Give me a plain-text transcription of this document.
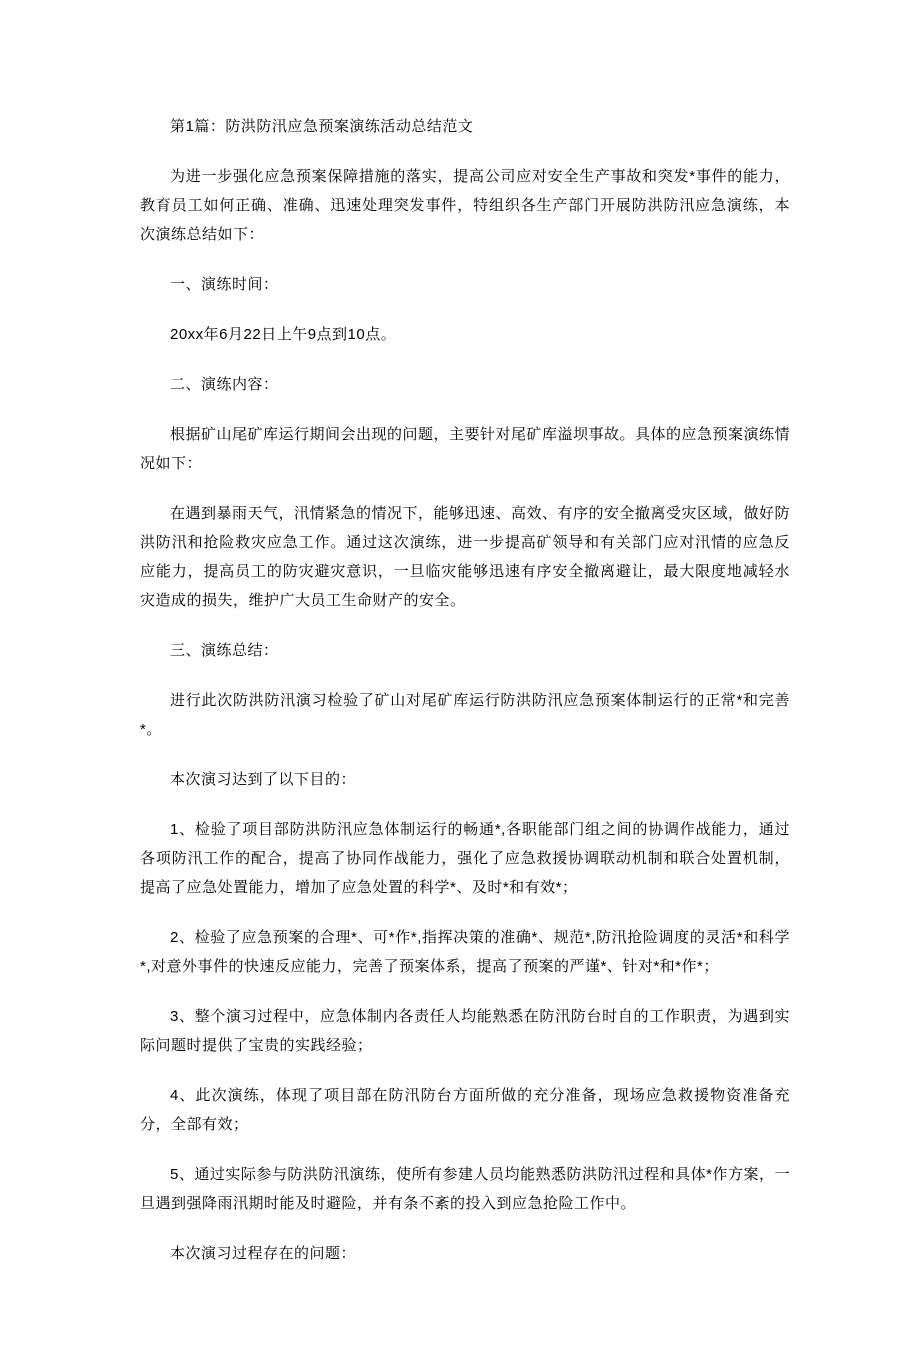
第1篇：防洪防汛应急预案演练活动总结范文

为进一步强化应急预案保障措施的落实，提高公司应对安全生产事故和突发*事件的能力，教育员工如何正确、准确、迅速处理突发事件，特组织各生产部门开展防洪防汛应急演练，本次演练总结如下：

一、演练时间：

20xx年6月22日上午9点到10点。

二、演练内容：

根据矿山尾矿库运行期间会出现的问题，主要针对尾矿库溢坝事故。具体的应急预案演练情况如下：

在遇到暴雨天气，汛情紧急的情况下，能够迅速、高效、有序的安全撤离受灾区域，做好防洪防汛和抢险救灾应急工作。通过这次演练，进一步提高矿领导和有关部门应对汛情的应急反应能力，提高员工的防灾避灾意识，一旦临灾能够迅速有序安全撤离避让，最大限度地减轻水灾造成的损失，维护广大员工生命财产的安全。

三、演练总结：

进行此次防洪防汛演习检验了矿山对尾矿库运行防洪防汛应急预案体制运行的正常*和完善*。

本次演习达到了以下目的：

1、检验了项目部防洪防汛应急体制运行的畅通*,各职能部门组之间的协调作战能力，通过各项防汛工作的配合，提高了协同作战能力，强化了应急救援协调联动机制和联合处置机制，提高了应急处置能力，增加了应急处置的科学*、及时*和有效*；

2、检验了应急预案的合理*、可*作*,指挥决策的准确*、规范*,防汛抢险调度的灵活*和科学*,对意外事件的快速反应能力，完善了预案体系，提高了预案的严谨*、针对*和*作*；

3、整个演习过程中，应急体制内各责任人均能熟悉在防汛防台时自的工作职责，为遇到实际问题时提供了宝贵的实践经验；

4、此次演练，体现了项目部在防汛防台方面所做的充分准备，现场应急救援物资准备充分，全部有效；

5、通过实际参与防洪防汛演练，使所有参建人员均能熟悉防洪防汛过程和具体*作方案，一旦遇到强降雨汛期时能及时避险，并有条不紊的投入到应急抢险工作中。

本次演习过程存在的问题：
